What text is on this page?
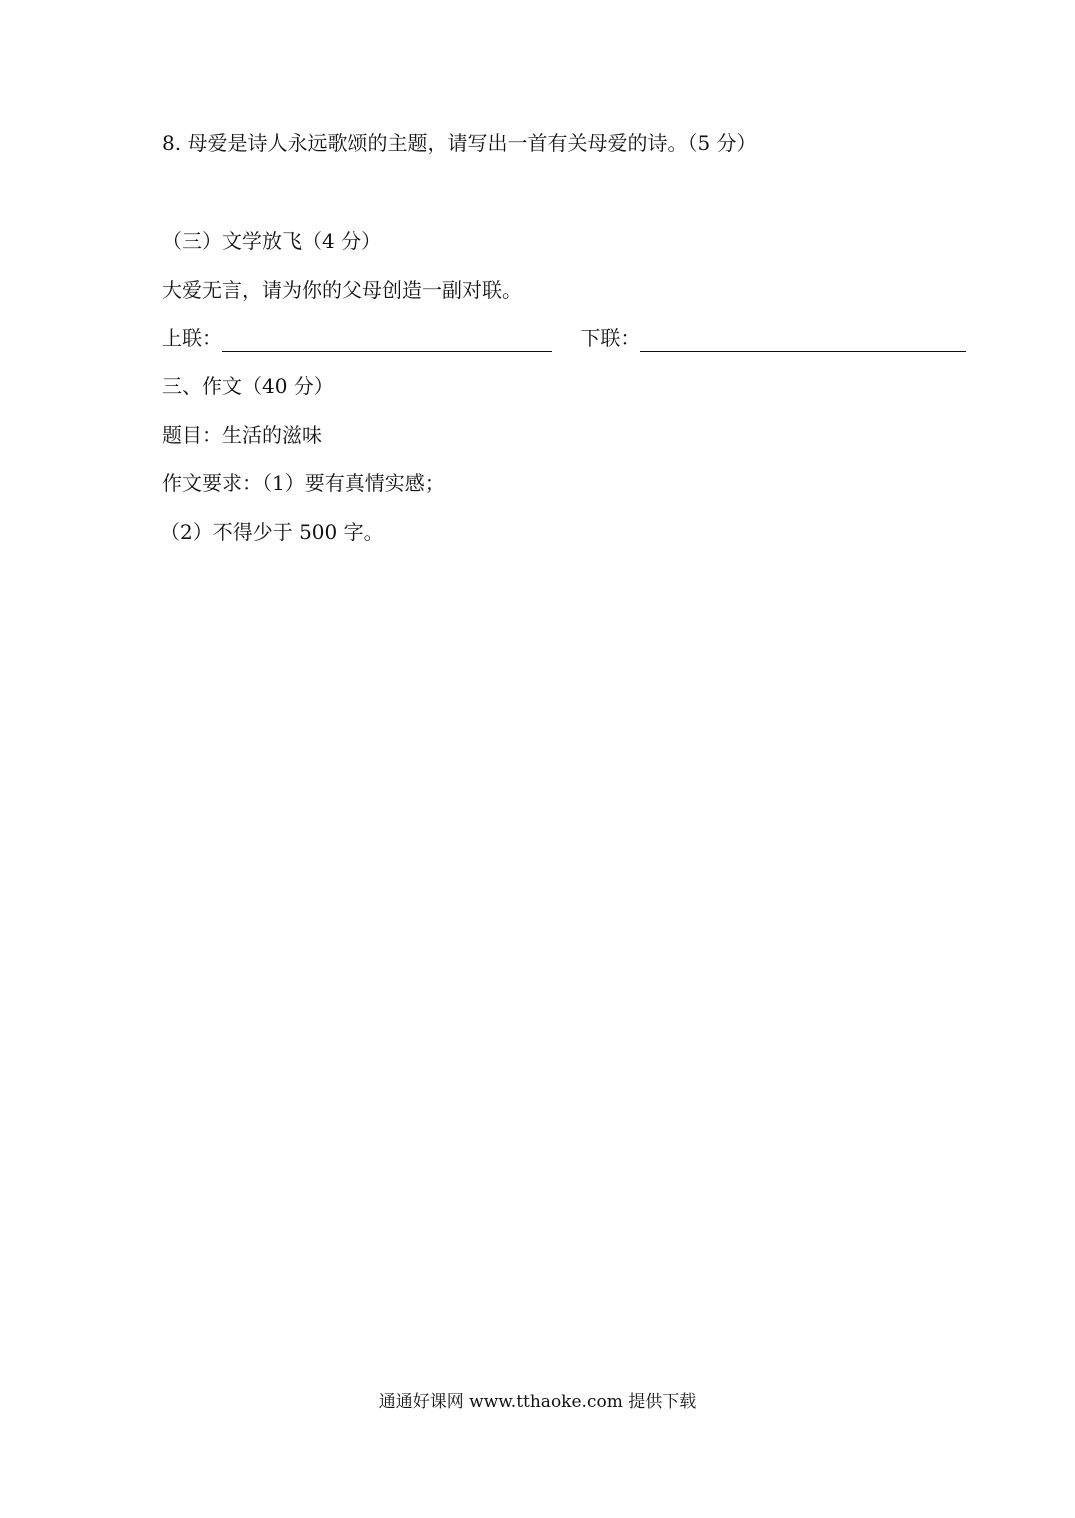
8. 母爱是诗人永远歌颂的主题，请写出一首有关母爱的诗。（5 分）
（三）文学放飞（4 分）
大爱无言，请为你的父母创造一副对联。
上联：	下联：
三、作文（40 分）
题目：生活的滋味
作文要求：（1）要有真情实感；
（2）不得少于 500 字。
通通好课网 www.tthaoke.com 提供下载
